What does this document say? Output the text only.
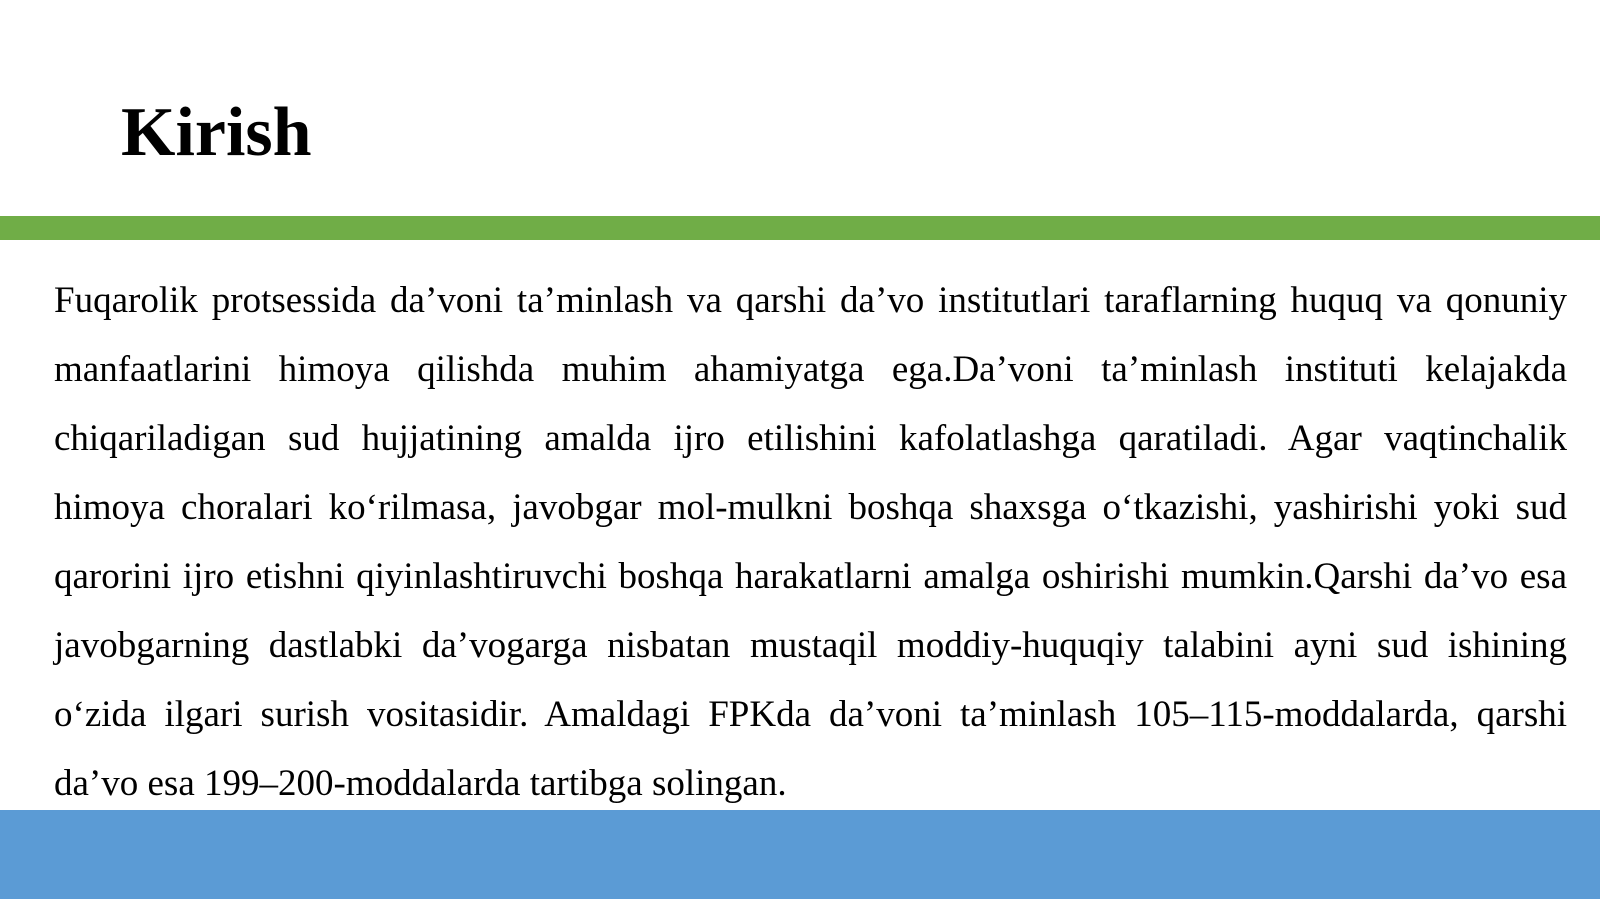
Kirish

Fuqarolik protsessida da’voni ta’minlash va qarshi da’vo institutlari taraflarning huquq va qonuniy manfaatlarini himoya qilishda muhim ahamiyatga ega.Da’voni ta’minlash instituti kelajakda chiqariladigan sud hujjatining amalda ijro etilishini kafolatlashga qaratiladi. Agar vaqtinchalik himoya choralari ko‘rilmasa, javobgar mol-mulkni boshqa shaxsga o‘tkazishi, yashirishi yoki sud qarorini ijro etishni qiyinlashtiruvchi boshqa harakatlarni amalga oshirishi mumkin.Qarshi da’vo esa javobgarning dastlabki da’vogarga nisbatan mustaqil moddiy-huquqiy talabini ayni sud ishining o‘zida ilgari surish vositasidir. Amaldagi FPKda da’voni ta’minlash 105–115-moddalarda, qarshi da’vo esa 199–200-moddalarda tartibga solingan.
